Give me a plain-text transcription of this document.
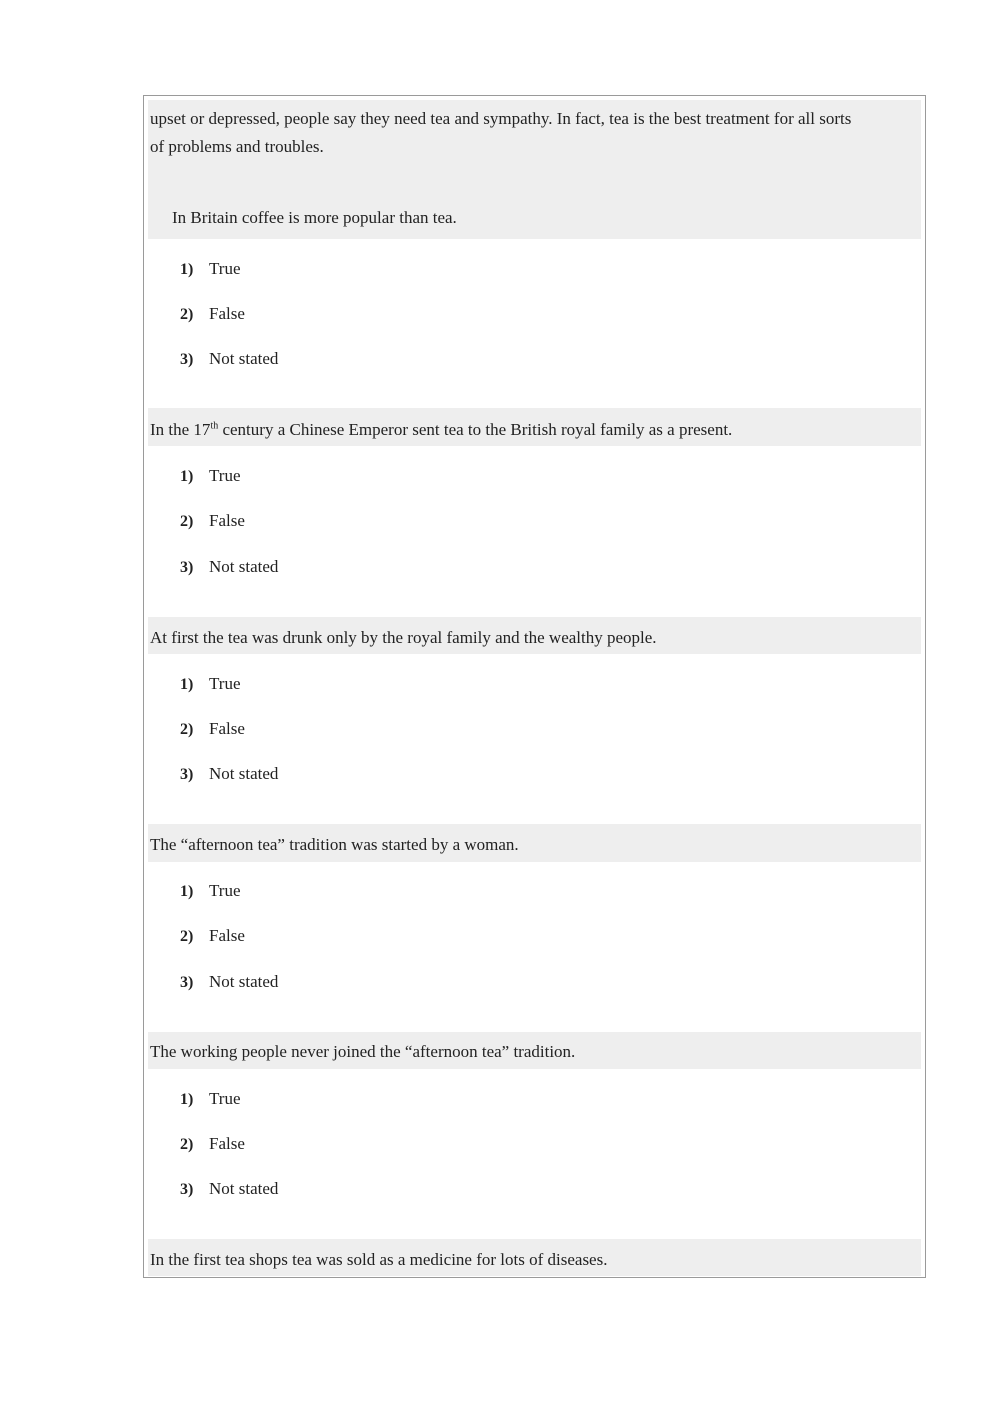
upset or depressed, people say they need tea and sympathy. In fact, tea is the best treatment for all sorts
of problems and troubles.
In Britain coffee is more popular than tea.
1) True
2) False
3) Not stated
In the 17th century a Chinese Emperor sent tea to the British royal family as a present.
1) True
2) False
3) Not stated
At first the tea was drunk only by the royal family and the wealthy people.
1) True
2) False
3) Not stated
The “afternoon tea” tradition was started by a woman.
1) True
2) False
3) Not stated
The working people never joined the “afternoon tea” tradition.
1) True
2) False
3) Not stated
In the first tea shops tea was sold as a medicine for lots of diseases.
